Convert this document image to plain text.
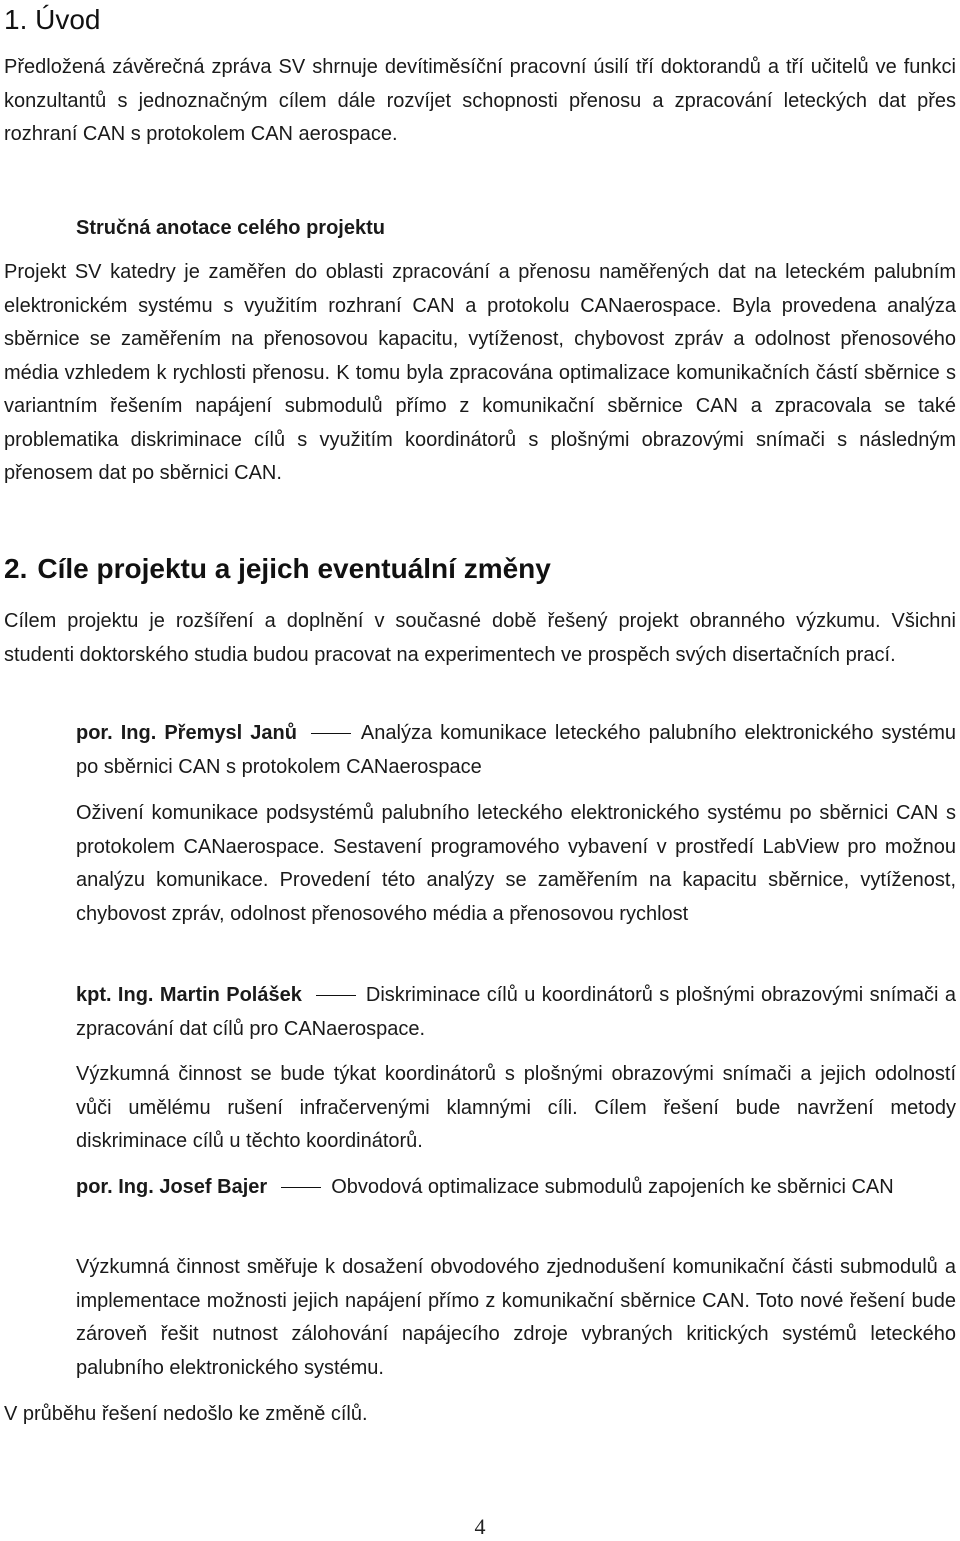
1. Úvod

Předložená závěrečná zpráva SV shrnuje devítiměsíční pracovní úsilí tří doktorandů a tří učitelů ve funkci konzultantů s jednoznačným cílem dále rozvíjet schopnosti přenosu a zpracování leteckých dat přes rozhraní CAN s protokolem CAN aerospace.

Stručná anotace celého projektu

Projekt SV katedry je zaměřen do oblasti zpracování a přenosu naměřených dat na leteckém palubním elektronickém systému s využitím rozhraní CAN a protokolu CANaerospace. Byla provedena analýza sběrnice se zaměřením na přenosovou kapacitu, vytíženost, chybovost zpráv a odolnost přenosového média vzhledem k rychlosti přenosu. K tomu byla zpracována optimalizace komunikačních částí sběrnice s variantním řešením napájení submodulů přímo z komunikační sběrnice CAN a zpracovala se také problematika diskriminace cílů s využitím koordinátorů s plošnými obrazovými snímači s následným přenosem dat po sběrnici CAN.

2. Cíle projektu a jejich eventuální změny

Cílem projektu je rozšíření a doplnění v současné době řešený projekt obranného výzkumu. Všichni studenti doktorského studia budou pracovat na experimentech ve prospěch svých disertačních prací.

por. Ing. Přemysl Janů	Analýza komunikace leteckého palubního elektronického systému po sběrnici CAN s protokolem CANaerospace

Oživení komunikace podsystémů palubního leteckého elektronického systému po sběrnici CAN s protokolem CANaerospace. Sestavení programového vybavení v prostředí LabView pro možnou analýzu komunikace. Provedení této analýzy se zaměřením na kapacitu sběrnice, vytíženost, chybovost zpráv, odolnost přenosového média a přenosovou rychlost

kpt. Ing. Martin Polášek	Diskriminace cílů u koordinátorů s plošnými obrazovými snímači a zpracování dat cílů pro CANaerospace.

Výzkumná činnost se bude týkat koordinátorů s plošnými obrazovými snímači a jejich odolností vůči umělému rušení infračervenými klamnými cíli. Cílem řešení bude navržení metody diskriminace cílů u těchto koordinátorů.

por. Ing. Josef Bajer	Obvodová optimalizace submodulů zapojeních ke sběrnici CAN

Výzkumná činnost směřuje k dosažení obvodového zjednodušení komunikační části submodulů a implementace možnosti jejich napájení přímo z komunikační sběrnice CAN. Toto nové řešení bude zároveň řešit nutnost zálohování napájecího zdroje vybraných kritických systémů leteckého palubního elektronického systému.

V průběhu řešení nedošlo ke změně cílů.

4
